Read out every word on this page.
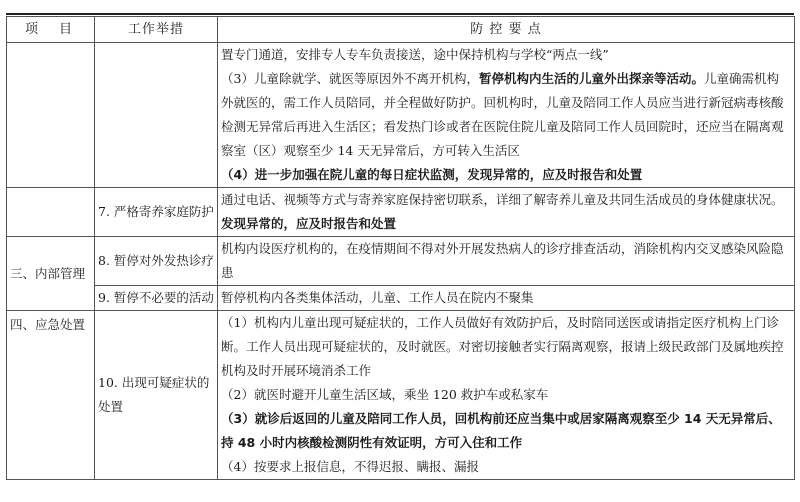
项　目	工作举措	防 控 要 点

		置专门通道，安排专人专车负责接送，途中保持机构与学校“两点一线”
（3）儿童除就学、就医等原因外不离开机构，暂停机构内生活的儿童外出探亲等活动。儿童确需机构外就医的，需工作人员陪同，并全程做好防护。回机构时，儿童及陪同工作人员应当进行新冠病毒核酸检测无异常后再进入生活区；看发热门诊或者在医院住院儿童及陪同工作人员回院时，还应当在隔离观察室（区）观察至少 14 天无异常后，方可转入生活区
（4）进一步加强在院儿童的每日症状监测，发现异常的，应及时报告和处置

	7. 严格寄养家庭防护	通过电话、视频等方式与寄养家庭保持密切联系，详细了解寄养儿童及共同生活成员的身体健康状况。发现异常的，应及时报告和处置
三、内部管理	8. 暂停对外发热诊疗	机构内设医疗机构的，在疫情期间不得对外开展发热病人的诊疗排查活动，消除机构内交叉感染风险隐患
	9. 暂停不必要的活动	暂停机构内各类集体活动，儿童、工作人员在院内不聚集
四、应急处置	10. 出现可疑症状的处置	（1）机构内儿童出现可疑症状的，工作人员做好有效防护后，及时陪同送医或请指定医疗机构上门诊断。工作人员出现可疑症状的，及时就医。对密切接触者实行隔离观察，报请上级民政部门及属地疾控机构及时开展环境消杀工作
（2）就医时避开儿童生活区域，乘坐 120 救护车或私家车
（3）就诊后返回的儿童及陪同工作人员，回机构前还应当集中或居家隔离观察至少 14 天无异常后、持 48 小时内核酸检测阴性有效证明，方可入住和工作
（4）按要求上报信息，不得迟报、瞒报、漏报
